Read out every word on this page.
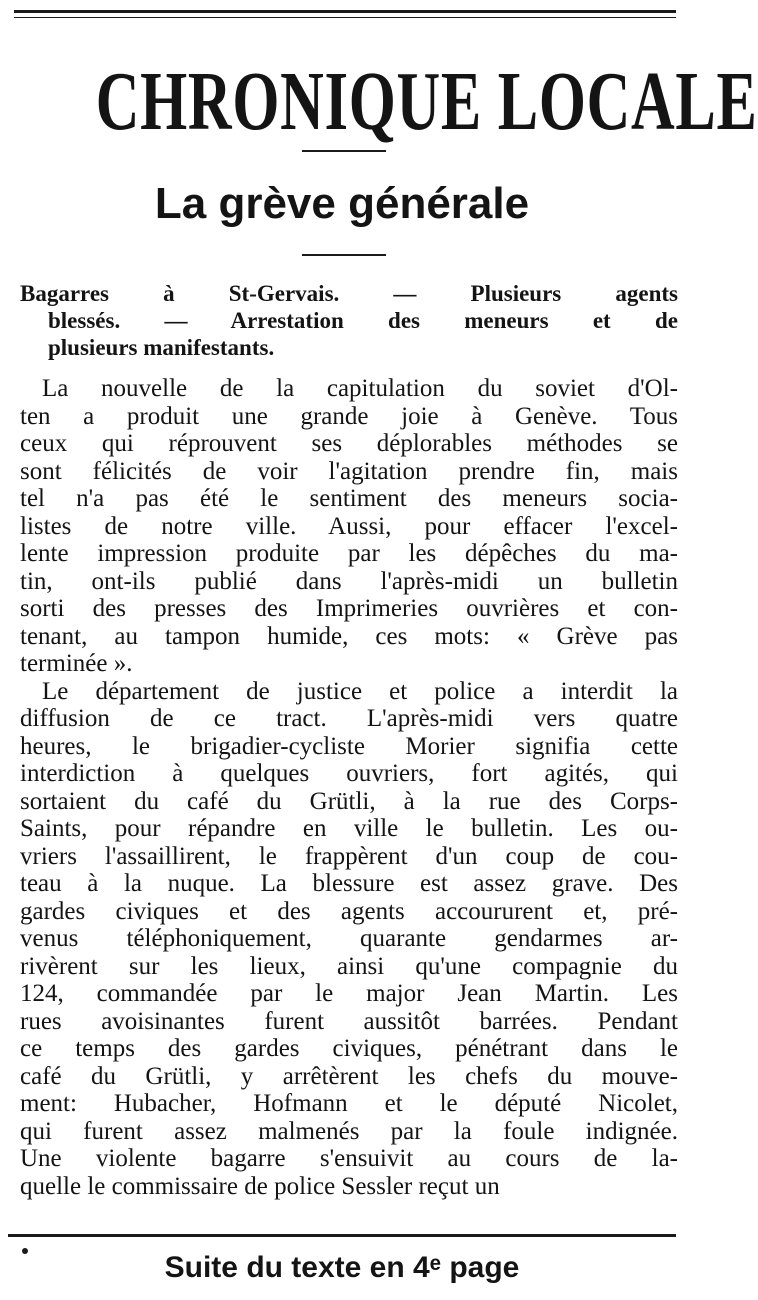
CHRONIQUE LOCALE
La grève générale
Bagarres à St-Gervais. — Plusieurs agents
blessés. — Arrestation des meneurs et de
plusieurs manifestants.
La nouvelle de la capitulation du soviet d'Ol-
ten a produit une grande joie à Genève. Tous
ceux qui réprouvent ses déplorables méthodes se
sont félicités de voir l'agitation prendre fin, mais
tel n'a pas été le sentiment des meneurs socia-
listes de notre ville. Aussi, pour effacer l'excel-
lente impression produite par les dépêches du ma-
tin, ont-ils publié dans l'après-midi un bulletin
sorti des presses des Imprimeries ouvrières et con-
tenant, au tampon humide, ces mots: « Grève pas
terminée ».
Le département de justice et police a interdit la
diffusion de ce tract. L'après-midi vers quatre
heures, le brigadier-cycliste Morier signifia cette
interdiction à quelques ouvriers, fort agités, qui
sortaient du café du Grütli, à la rue des Corps-
Saints, pour répandre en ville le bulletin. Les ou-
vriers l'assaillirent, le frappèrent d'un coup de cou-
teau à la nuque. La blessure est assez grave. Des
gardes civiques et des agents accoururent et, pré-
venus téléphoniquement, quarante gendarmes ar-
rivèrent sur les lieux, ainsi qu'une compagnie du
124, commandée par le major Jean Martin. Les
rues avoisinantes furent aussitôt barrées. Pendant
ce temps des gardes civiques, pénétrant dans le
café du Grütli, y arrêtèrent les chefs du mouve-
ment: Hubacher, Hofmann et le député Nicolet,
qui furent assez malmenés par la foule indignée.
Une violente bagarre s'ensuivit au cours de la-
quelle le commissaire de police Sessler reçut un
Suite du texte en 4ᵉ page
